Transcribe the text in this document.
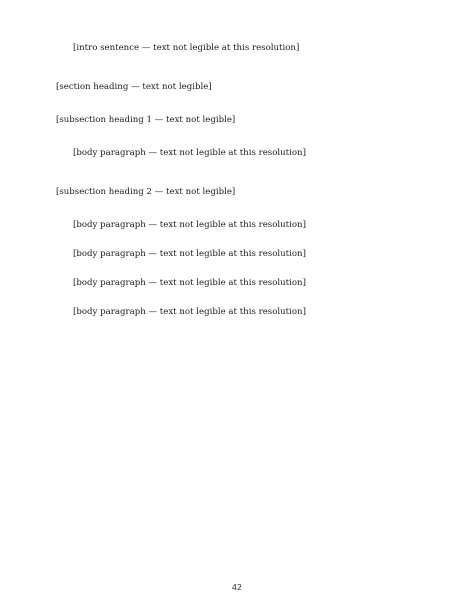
[intro sentence — text not legible at this resolution]

[section heading — text not legible]

[subsection heading 1 — text not legible]

[body paragraph — text not legible at this resolution]

[subsection heading 2 — text not legible]

[body paragraph — text not legible at this resolution]

[body paragraph — text not legible at this resolution]

[body paragraph — text not legible at this resolution]

[body paragraph — text not legible at this resolution]

42
